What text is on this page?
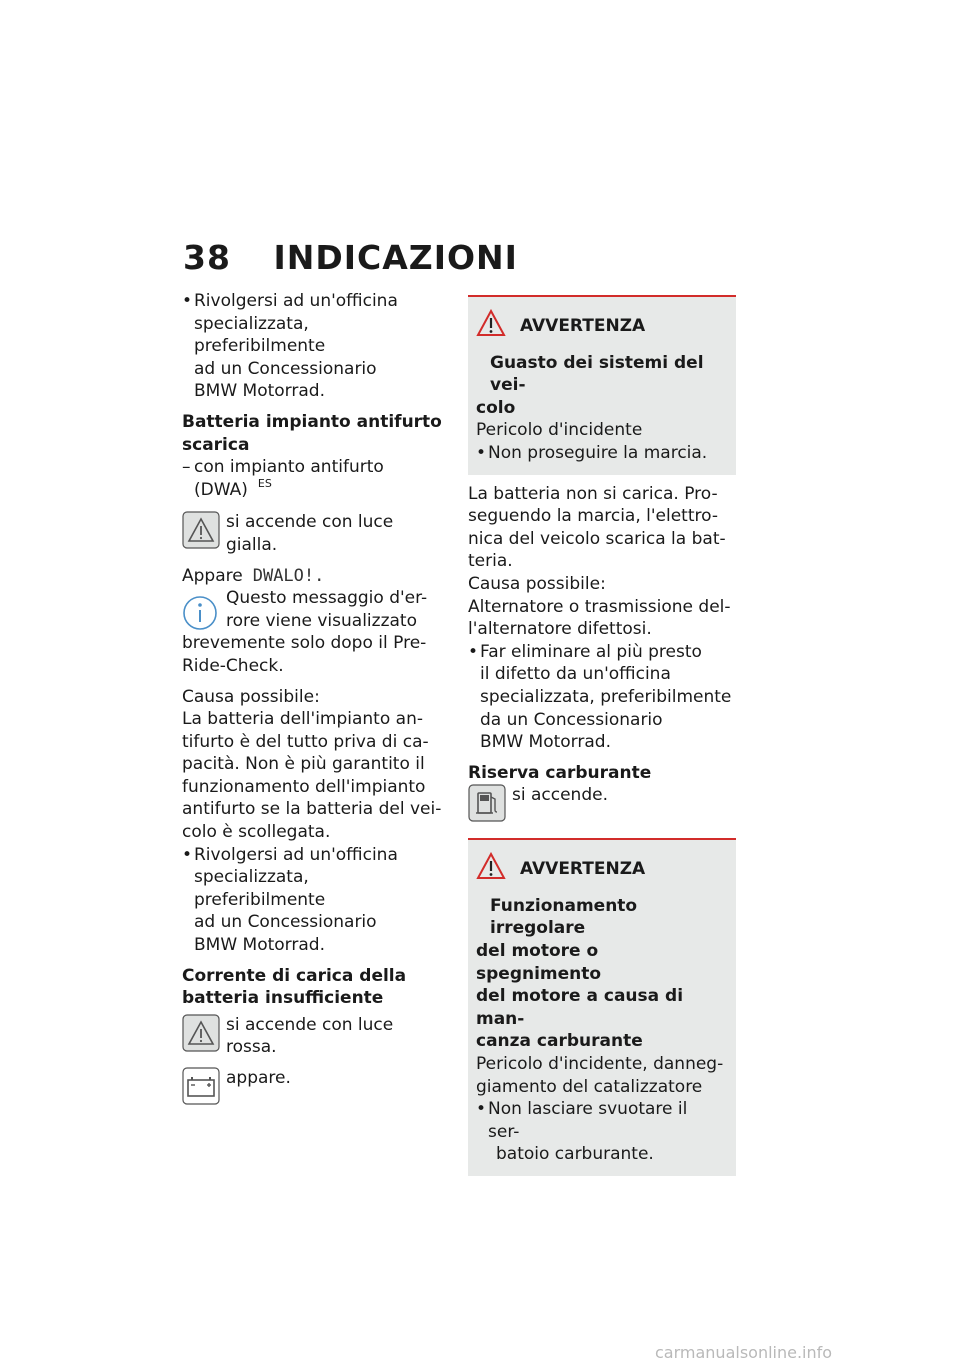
38 INDICAZIONI
• Rivolgersi ad un'officina
specializzata, preferibilmente
ad un Concessionario
BMW Motorrad.
Batteria impianto antifurto
scarica
– con impianto antifurto
(DWA) $^{ES}$
si accende con luce gialla.
Appare DWALO!.
Questo messaggio d'er-
rore viene visualizzato
brevemente solo dopo il Pre-
Ride-Check.
Causa possibile:
La batteria dell'impianto an-
tifurto è del tutto priva di ca-
pacità. Non è più garantito il
funzionamento dell'impianto
antifurto se la batteria del vei-
colo è scollegata.
• Rivolgersi ad un'officina
specializzata, preferibilmente
ad un Concessionario
BMW Motorrad.
Corrente di carica della
batteria insufficiente
si accende con luce rossa.
appare.
AVVERTENZA
Guasto dei sistemi del vei-
colo
Pericolo d'incidente
• Non proseguire la marcia.
La batteria non si carica. Pro-
seguendo la marcia, l'elettro-
nica del veicolo scarica la bat-
teria.
Causa possibile:
Alternatore o trasmissione del-
l'alternatore difettosi.
• Far eliminare al più presto
il difetto da un'officina
specializzata, preferibilmente
da un Concessionario
BMW Motorrad.
Riserva carburante
si accende.
AVVERTENZA
Funzionamento irregolare
del motore o spegnimento
del motore a causa di man-
canza carburante
Pericolo d'incidente, danneg-
giamento del catalizzatore
• Non lasciare svuotare il ser-
batoio carburante.
carmanualsonline.info
